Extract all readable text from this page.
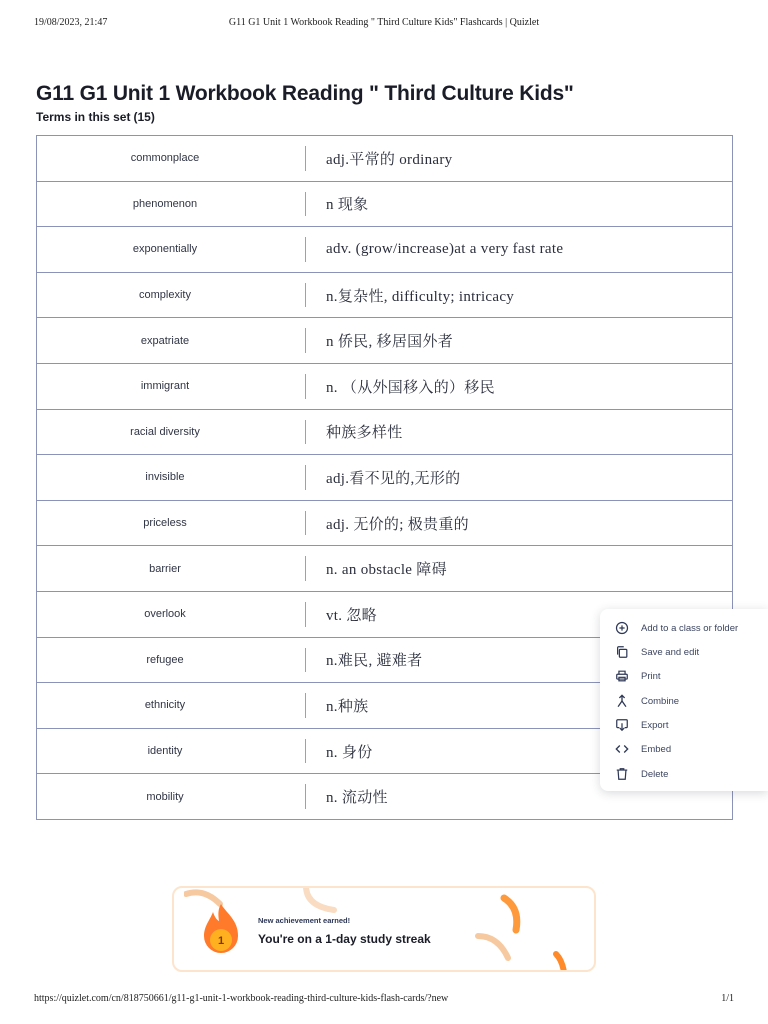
19/08/2023, 21:47	G11 G1 Unit 1 Workbook Reading " Third Culture Kids" Flashcards | Quizlet
G11 G1 Unit 1 Workbook Reading " Third Culture Kids"
Terms in this set (15)
commonplace	adj.平常的 ordinary
phenomenon	n 现象
exponentially	adv. (grow/increase)at a very fast rate
complexity	n.复杂性, difficulty; intricacy
expatriate	n 侨民, 移居国外者
immigrant	n. （从外国移入的）移民
racial diversity	种族多样性
invisible	adj.看不见的,无形的
priceless	adj. 无价的; 极贵重的
barrier	n. an obstacle 障碍
overlook	vt. 忽略
refugee	n.难民, 避难者
ethnicity	n.种族
identity	n. 身份
mobility	n. 流动性
Add to a class or folder
Save and edit
Print
Combine
Export
Embed
Delete
1
New achievement earned!
You're on a 1-day study streak
https://quizlet.com/cn/818750661/g11-g1-unit-1-workbook-reading-third-culture-kids-flash-cards/?new	1/1
